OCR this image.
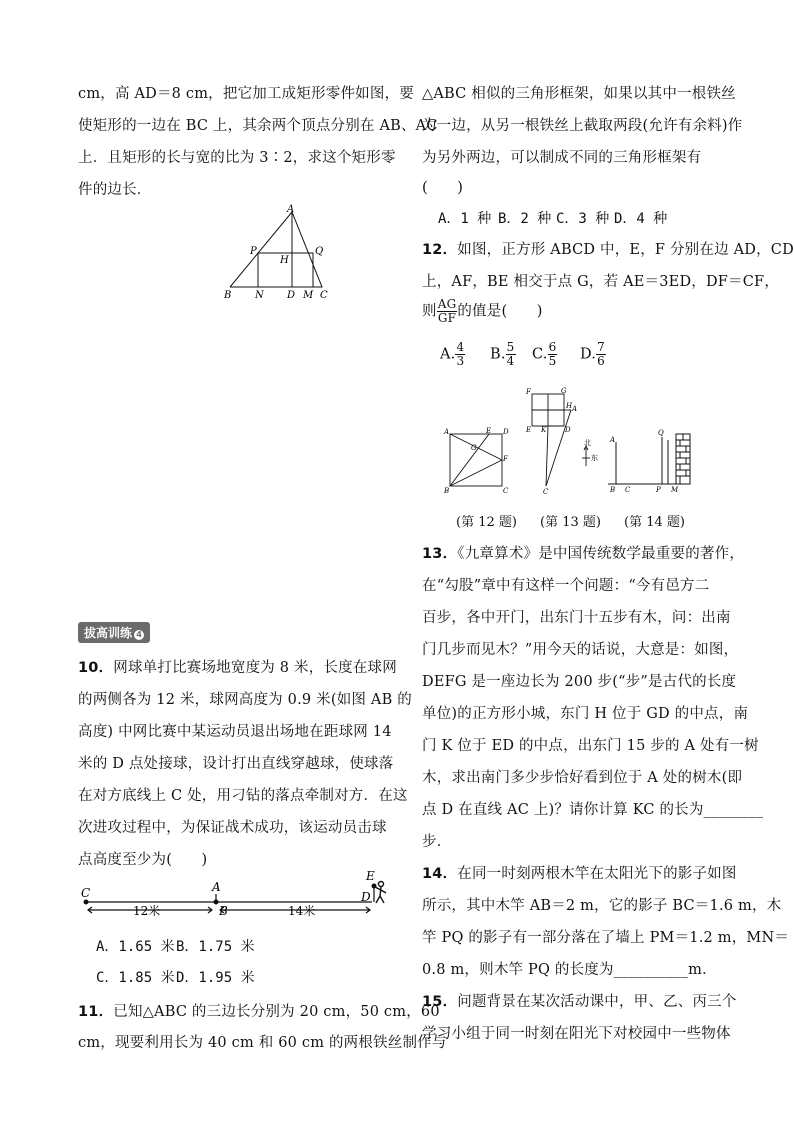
cm，高 AD＝8 cm，把它加工成矩形零件如图，要
使矩形的一边在 BC 上，其余两个顶点分别在 AB、AC
上．且矩形的长与宽的比为 3∶2，求这个矩形零
件的边长．
A
P	Q
H
B N D M C
拔高训练 4
10．网球单打比赛场地宽度为 8 米，长度在球网
的两侧各为 12 米，球网高度为 0.9 米(如图 AB 的
高度) 中网比赛中某运动员退出场地在距球网 14
米的 D 点处接球，设计打出直线穿越球，使球落
在对方底线上 C 处，用刁钻的落点牵制对方．在这
次进攻过程中，为保证战术成功，该运动员击球
点高度至少为(　　)
C	A
B
D
E
12米	14米
A．1.65 米 B．1.75 米
C．1.85 米 D．1.95 米
11．已知△ABC 的三边长分别为 20 cm，50 cm，60
cm，现要利用长为 40 cm 和 60 cm 的两根铁丝制作与
△ABC 相似的三角形框架，如果以其中一根铁丝
为一边，从另一根铁丝上截取两段(允许有余料)作
为另外两边，可以制成不同的三角形框架有
(　　)
A．1 种 B．2 种 C．3 种 D．4 种
12．如图，正方形 ABCD 中，E，F 分别在边 AD，CD
上，AF，BE 相交于点 G，若 AE＝3ED，DF＝CF，
则 $\frac{AG}{GF}$ 的值是(　　)
A. $\frac{4}{3} B$. $\frac{5}{4} C$. $\frac{6}{5} D$. $\frac{7}{6}$
A	E D
G
F
B	C
F	G
H A
E K	D
C
北
东
A
B C	P
Q
M
(第 12 题) (第 13 题) (第 14 题)
13．《九章算术》是中国传统数学最重要的著作，
在“勾股”章中有这样一个问题：“今有邑方二
百步，各中开门，出东门十五步有木，问：出南
门几步而见木？”用今天的话说，大意是：如图，
DEFG 是一座边长为 200 步(“步”是古代的长度
单位)的正方形小城，东门 H 位于 GD 的中点，南
门 K 位于 ED 的中点，出东门 15 步的 A 处有一树
木，求出南门多少步恰好看到位于 A 处的树木(即
点 D 在直线 AC 上)？请你计算 KC 的长为________
步．
14．在同一时刻两根木竿在太阳光下的影子如图
所示，其中木竿 AB＝2 m，它的影子 BC＝1.6 m，木
竿 PQ 的影子有一部分落在了墙上 PM＝1.2 m，MN＝
0.8 m，则木竿 PQ 的长度为__________m．
15．问题背景在某次活动课中，甲、乙、丙三个
学习小组于同一时刻在阳光下对校园中一些物体
